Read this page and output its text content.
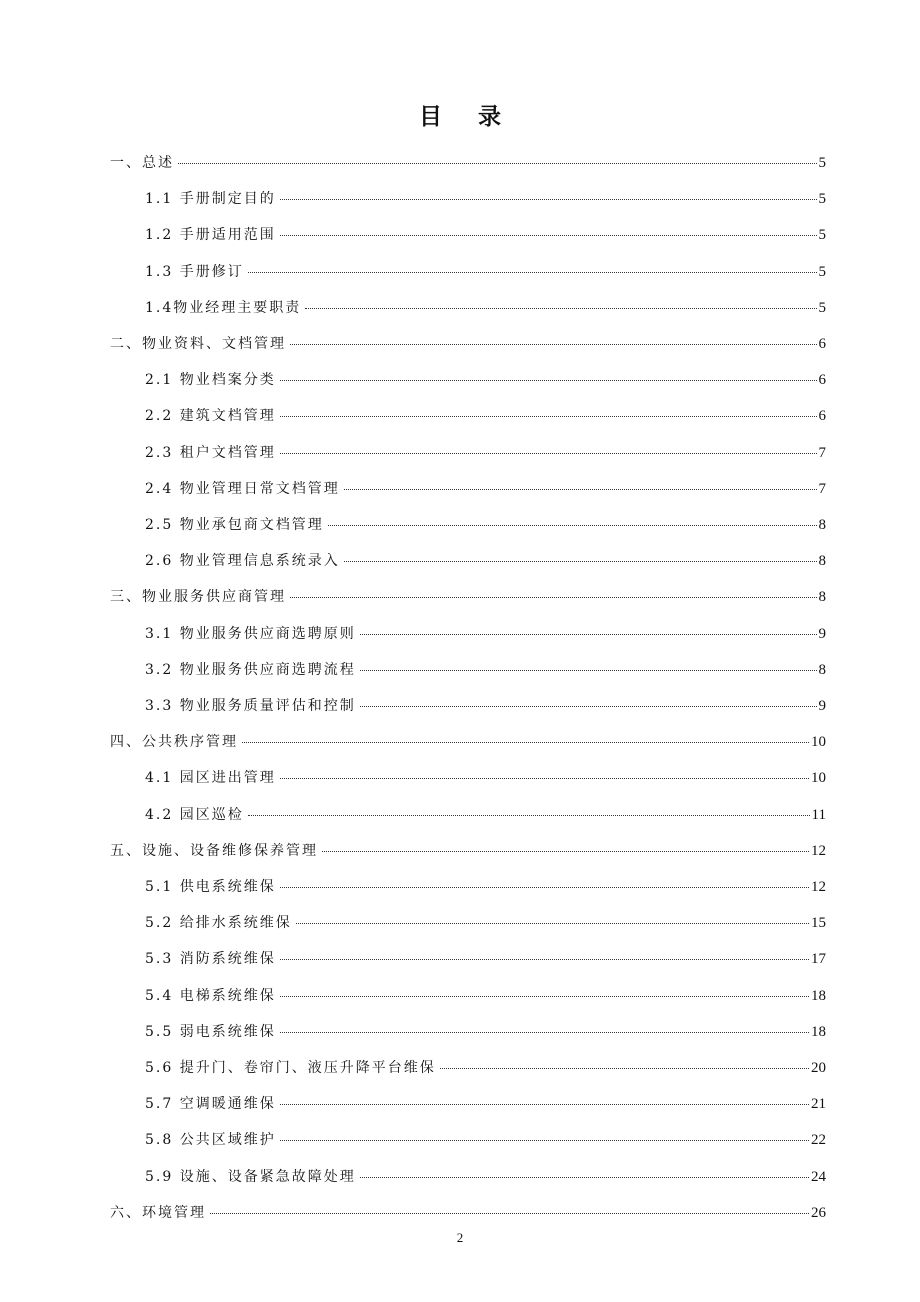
目 录
一、总述	5
1.1 手册制定目的	5
1.2 手册适用范围	5
1.3 手册修订	5
1.4物业经理主要职责	5
二、物业资料、文档管理	6
2.1 物业档案分类	6
2.2 建筑文档管理	6
2.3 租户文档管理	7
2.4 物业管理日常文档管理	7
2.5 物业承包商文档管理	8
2.6 物业管理信息系统录入	8
三、物业服务供应商管理	8
3.1 物业服务供应商选聘原则	9
3.2 物业服务供应商选聘流程	8
3.3 物业服务质量评估和控制	9
四、公共秩序管理	10
4.1 园区进出管理	10
4.2 园区巡检	11
五、设施、设备维修保养管理	12
5.1 供电系统维保	12
5.2 给排水系统维保	15
5.3 消防系统维保	17
5.4 电梯系统维保	18
5.5 弱电系统维保	18
5.6 提升门、卷帘门、液压升降平台维保	20
5.7 空调暖通维保	21
5.8 公共区域维护	22
5.9 设施、设备紧急故障处理	24
六、环境管理	26
2
